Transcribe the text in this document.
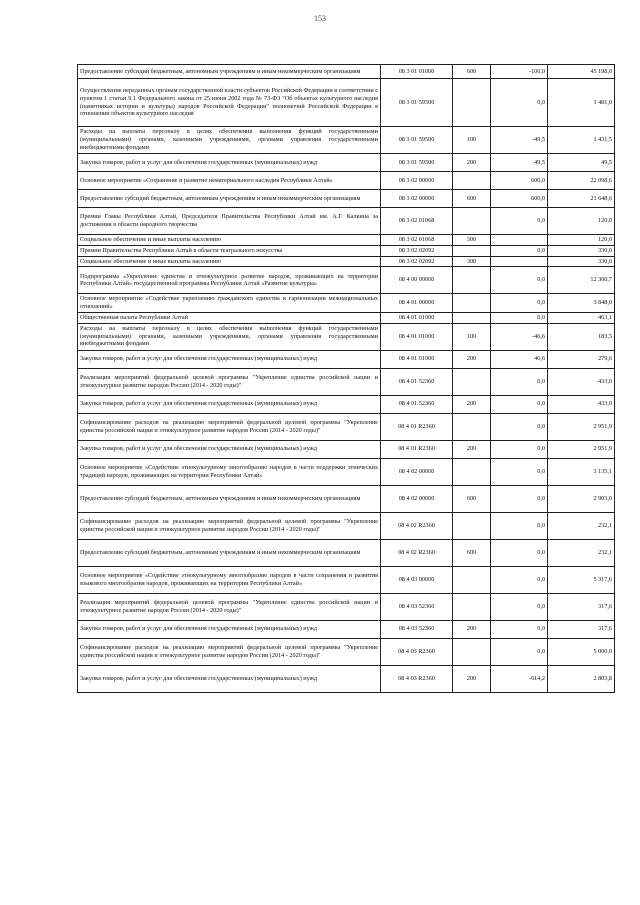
153
Предоставление субсидий бюджетным, автономным учреждениям и иным некоммерческим организациям	08 3 01 01000	600	-100,0	45 198,0
Осуществление переданных органам государственной власти субъектов Российской Федерации в соответствии с пунктом 1 статьи 9.1 Федерального закона от 25 июня 2002 года № 73-ФЗ "Об объектах культурного наследия (памятниках истории и культуры) народов Российской Федерации" полномочий Российской Федерации в отношении объектов культурного наследия	08 3 01 59500		0,0	1 481,0
Расходы на выплаты персоналу в целях обеспечения выполнения функций государственными (муниципальными) органами, казенными учреждениями, органами управления государственными внебюджетными фондами	08 3 01 59500	100	-49,5	1 431,5
Закупка товаров, работ и услуг для обеспечения государственных (муниципальных) нужд	08 3 01 59500	200	49,5	49,5
Основное мероприятие «Сохранение и развитие нематериального наследия Республики Алтай»	08 3 02 00000		600,0	22 098,6
Предоставление субсидий бюджетным, автономным учреждениям и иным некоммерческим организациям	08 3 02 00000	600	600,0	21 648,6
Премии Главы Республики Алтай, Председателя Правительства Республики Алтай им. А.Г. Калкина за достижения в области народного творчества	08 3 02 01068		0,0	120,0
Социальное обеспечение и иные выплаты населению	08 3 02 01068	300		120,0
Премии Правительства Республики Алтай в области театрального искусства	08 3 02 02092		0,0	330,0
Социальное обеспечение и иные выплаты населению	08 3 02 02092	300		330,0
Подпрограмма «Укрепление единства и этнокультурное развитие народов, проживающих на территории Республики Алтай» государственной программы Республики Алтай «Развитие культуры»	08 4 00 00000		0,0	12 300,7
Основное мероприятие «Содействие укреплению гражданского единства и гармонизации межнациональных отношений»	08 4 01 00000		0,0	3 848,0
Общественная палата Республики Алтай	08 4 01 01000		0,0	463,1
Расходы на выплаты персоналу в целях обеспечения выполнения функций государственными (муниципальными) органами, казенными учреждениями, органами управления государственными внебюджетными фондами	08 4 01 01000	100	-46,6	183,5
Закупка товаров, работ и услуг для обеспечения государственных (муниципальных) нужд	08 4 01 01000	200	46,6	279,6
Реализация мероприятий федеральной целевой программы "Укрепление единства российской нации и этнокультурное развитие народов России (2014 - 2020 годы)"	08 4 01 52360		0,0	433,0
Закупка товаров, работ и услуг для обеспечения государственных (муниципальных) нужд	08 4 01 52360	200	0,0	433,0
Софинансирование расходов на реализацию мероприятий федеральной целевой программы "Укрепление единства российской нации и этнокультурное развитие народов России (2014 - 2020 годы)"	08 4 01 R2360		0,0	2 951,9
Закупка товаров, работ и услуг для обеспечения государственных (муниципальных) нужд	08 4 01 R2360	200	0,0	2 951,9
Основное мероприятие «Содействие этнокультурному многообразию народов в части поддержки этнических традиций народов, проживающих на территории Республики Алтай»	08 4 02 00000		0,0	3 135,1
Предоставление субсидий бюджетным, автономным учреждениям и иным некоммерческим организациям	08 4 02 00000	600	0,0	2 903,0
Софинансирование расходов на реализацию мероприятий федеральной целевой программы "Укрепление единства российской нации и этнокультурное развитие народов России (2014 - 2020 годы)"	08 4 02 R2360		0,0	232,1
Предоставление субсидий бюджетным, автономным учреждениям и иным некоммерческим организациям	08 4 02 R2360	600	0,0	232,1
Основное мероприятие «Содействие этнокультурному многообразию народов в части сохранения и развития языкового многообразия народов, проживающих на территории Республики Алтай»	08 4 03 00000		0,0	5 317,6
Реализация мероприятий федеральной целевой программы "Укрепление единства российской нации и этнокультурное развитие народов России (2014 - 2020 годы)"	08 4 03 52360		0,0	317,6
Закупка товаров, работ и услуг для обеспечения государственных (муниципальных) нужд	08 4 03 52360	200	0,0	317,6
Софинансирование расходов на реализацию мероприятий федеральной целевой программы "Укрепление единства российской нации и этнокультурное развитие народов России (2014 - 2020 годы)"	08 4 03 R2360		0,0	5 000,0
Закупка товаров, работ и услуг для обеспечения государственных (муниципальных) нужд	08 4 03 R2360	200	-614,2	2 803,8
